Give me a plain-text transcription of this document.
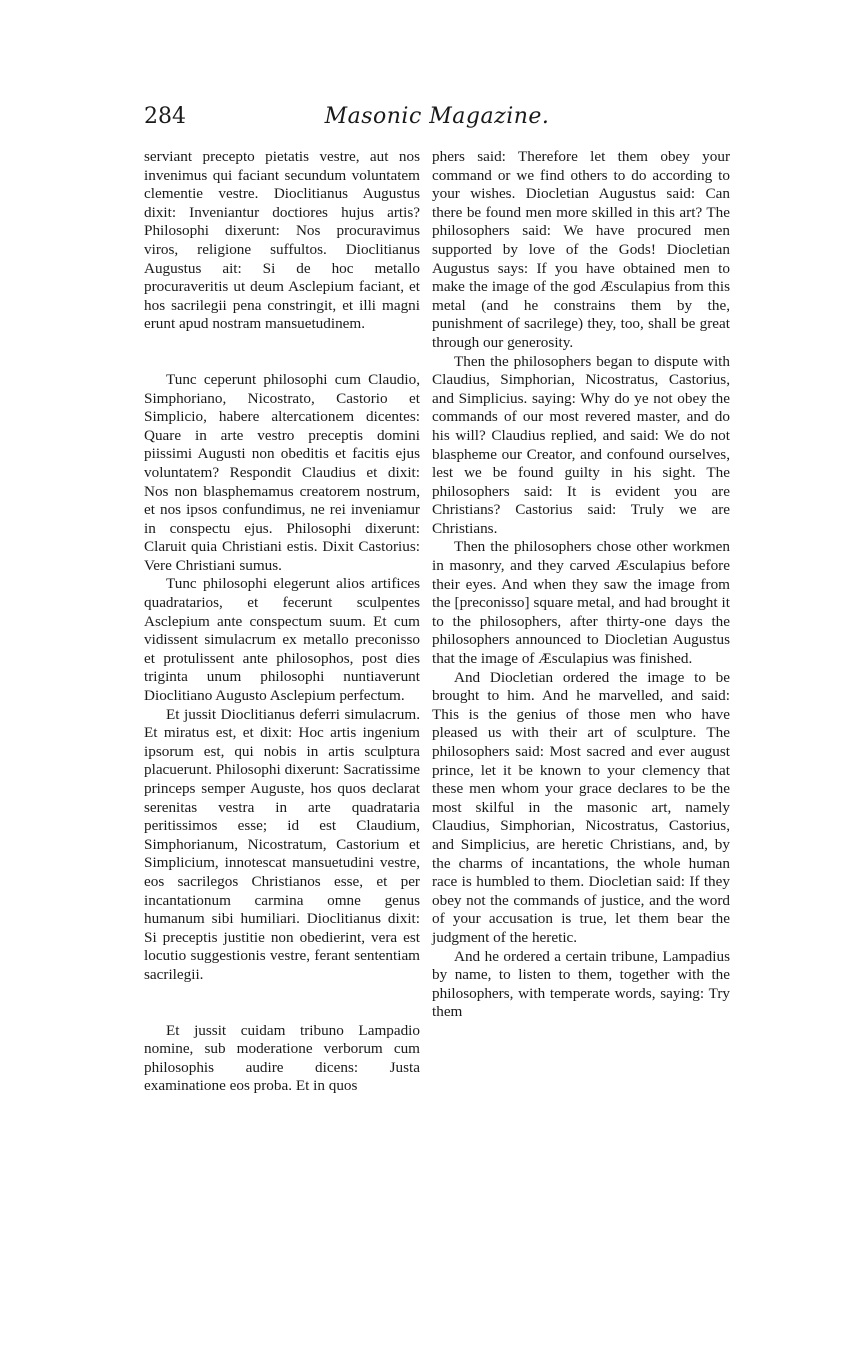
284	Masonic Magazine.

serviant precepto pietatis vestre, aut nos invenimus qui faciant secundum voluntatem clementie vestre. Dioclitianus Augustus dixit: Inveniantur doctiores hujus artis? Philosophi dixerunt: Nos procuravimus viros, religione suffultos. Dioclitianus Augustus ait: Si de hoc metallo procuraveritis ut deum Asclepium faciant, et hos sacrilegii pena constringit, et illi magni erunt apud nostram mansuetudinem.

Tunc ceperunt philosophi cum Claudio, Simphoriano, Nicostrato, Castorio et Simplicio, habere altercationem dicentes: Quare in arte vestro preceptis domini piissimi Augusti non obeditis et facitis ejus voluntatem? Respondit Claudius et dixit: Nos non blasphemamus creatorem nostrum, et nos ipsos confundimus, ne rei inveniamur in conspectu ejus. Philosophi dixerunt: Claruit quia Christiani estis. Dixit Castorius: Vere Christiani sumus.

Tunc philosophi elegerunt alios artifices quadratarios, et fecerunt sculpentes Asclepium ante conspectum suum. Et cum vidissent simulacrum ex metallo preconisso et protulissent ante philosophos, post dies triginta unum philosophi nuntiaverunt Dioclitiano Augusto Asclepium perfectum.

Et jussit Dioclitianus deferri simulacrum. Et miratus est, et dixit: Hoc artis ingenium ipsorum est, qui nobis in artis sculptura placuerunt. Philosophi dixerunt: Sacratissime princeps semper Auguste, hos quos declarat serenitas vestra in arte quadrataria peritissimos esse; id est Claudium, Simphorianum, Nicostratum, Castorium et Simplicium, innotescat mansuetudini vestre, eos sacrilegos Christianos esse, et per incantationum carmina omne genus humanum sibi humiliari. Dioclitianus dixit: Si preceptis justitie non obedierint, vera est locutio suggestionis vestre, ferant sententiam sacrilegii.

Et jussit cuidam tribuno Lampadio nomine, sub moderatione verborum cum philosophis audire dicens: Justa examinatione eos proba. Et in quos

phers said: Therefore let them obey your command or we find others to do according to your wishes. Diocletian Augustus said: Can there be found men more skilled in this art? The philosophers said: We have procured men supported by love of the Gods! Diocletian Augustus says: If you have obtained men to make the image of the god Æsculapius from this metal (and he constrains them by the, punishment of sacrilege) they, too, shall be great through our generosity.

Then the philosophers began to dispute with Claudius, Simphorian, Nicostratus, Castorius, and Simplicius. saying: Why do ye not obey the commands of our most revered master, and do his will? Claudius replied, and said: We do not blaspheme our Creator, and confound ourselves, lest we be found guilty in his sight. The philosophers said: It is evident you are Christians? Castorius said: Truly we are Christians.

Then the philosophers chose other workmen in masonry, and they carved Æsculapius before their eyes. And when they saw the image from the [preconisso] square metal, and had brought it to the philosophers, after thirty-one days the philosophers announced to Diocletian Augustus that the image of Æsculapius was finished.

And Diocletian ordered the image to be brought to him. And he marvelled, and said: This is the genius of those men who have pleased us with their art of sculpture. The philosophers said: Most sacred and ever august prince, let it be known to your clemency that these men whom your grace declares to be the most skilful in the masonic art, namely Claudius, Simphorian, Nicostratus, Castorius, and Simplicius, are heretic Christians, and, by the charms of incantations, the whole human race is humbled to them. Diocletian said: If they obey not the commands of justice, and the word of your accusation is true, let them bear the judgment of the heretic.

And he ordered a certain tribune, Lampadius by name, to listen to them, together with the philosophers, with temperate words, saying: Try them
